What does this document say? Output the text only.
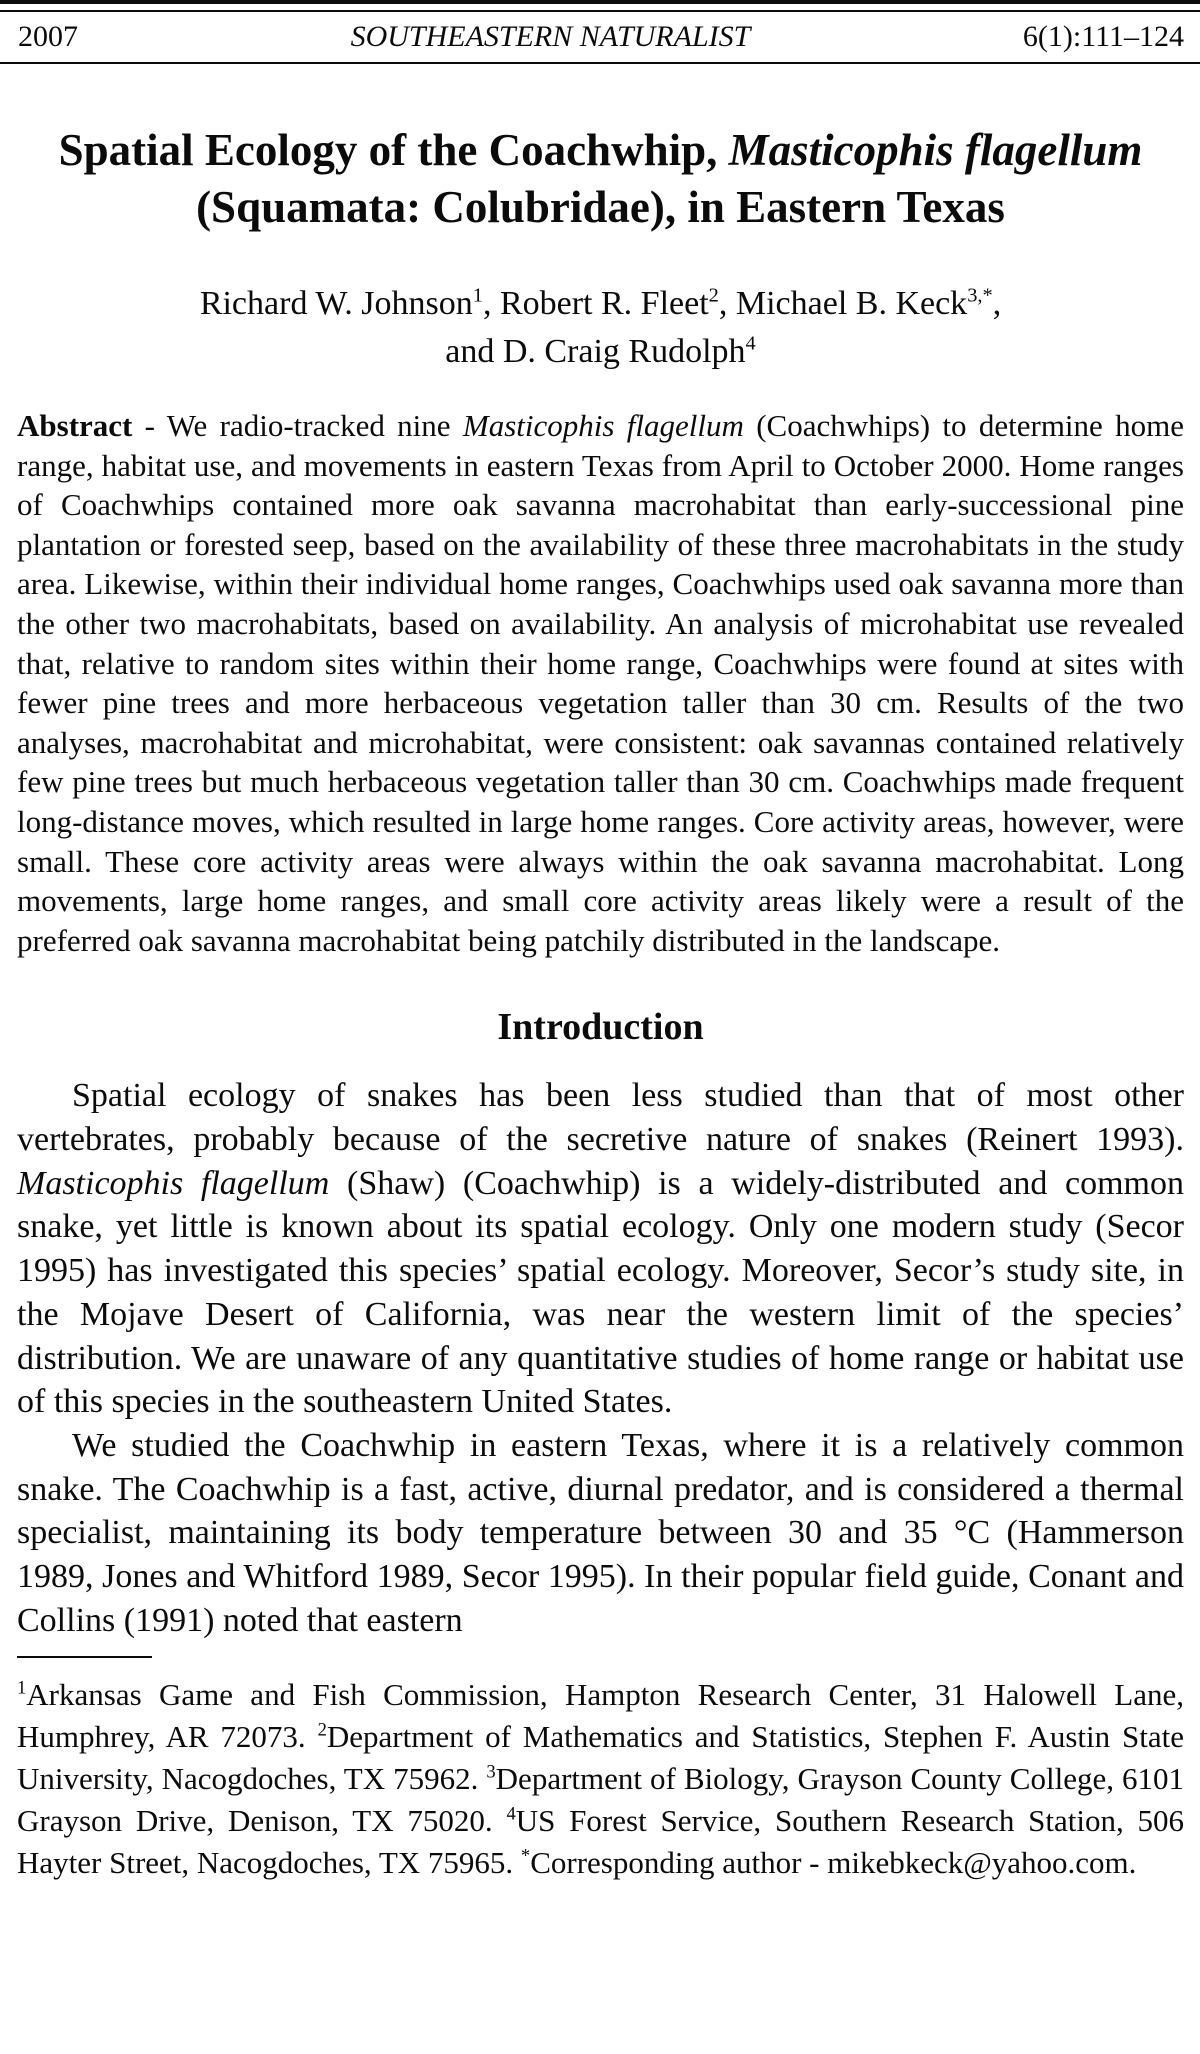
2007	SOUTHEASTERN NATURALIST	6(1):111–124
Spatial Ecology of the Coachwhip, Masticophis flagellum
(Squamata: Colubridae), in Eastern Texas
Richard W. Johnson$^1$, Robert R. Fleet$^2$, Michael B. Keck$^{3,*}$,
and D. Craig Rudolph$^4$

Abstract - We radio-tracked nine Masticophis flagellum (Coachwhips) to determine home range, habitat use, and movements in eastern Texas from April to October 2000. Home ranges of Coachwhips contained more oak savanna macrohabitat than early-successional pine plantation or forested seep, based on the availability of these three macrohabitats in the study area. Likewise, within their individual home ranges, Coachwhips used oak savanna more than the other two macrohabitats, based on availability. An analysis of microhabitat use revealed that, relative to random sites within their home range, Coachwhips were found at sites with fewer pine trees and more herbaceous vegetation taller than 30 cm. Results of the two analyses, macrohabitat and microhabitat, were consistent: oak savannas contained relatively few pine trees but much herbaceous vegetation taller than 30 cm. Coachwhips made frequent long-distance moves, which resulted in large home ranges. Core activity areas, however, were small. These core activity areas were always within the oak savanna macrohabitat. Long movements, large home ranges, and small core activity areas likely were a result of the preferred oak savanna macrohabitat being patchily distributed in the landscape.

Introduction

Spatial ecology of snakes has been less studied than that of most other vertebrates, probably because of the secretive nature of snakes (Reinert 1993). Masticophis flagellum (Shaw) (Coachwhip) is a widely-distributed and common snake, yet little is known about its spatial ecology. Only one modern study (Secor 1995) has investigated this species’ spatial ecology. Moreover, Secor’s study site, in the Mojave Desert of California, was near the western limit of the species’ distribution. We are unaware of any quantitative studies of home range or habitat use of this species in the southeastern United States.

We studied the Coachwhip in eastern Texas, where it is a relatively common snake. The Coachwhip is a fast, active, diurnal predator, and is considered a thermal specialist, maintaining its body temperature between 30 and 35 °C (Hammerson 1989, Jones and Whitford 1989, Secor 1995). In their popular field guide, Conant and Collins (1991) noted that eastern

$^1$Arkansas Game and Fish Commission, Hampton Research Center, 31 Halowell Lane, Humphrey, AR 72073. $^2$Department of Mathematics and Statistics, Stephen F. Austin State University, Nacogdoches, TX 75962. $^3$Department of Biology, Grayson County College, 6101 Grayson Drive, Denison, TX 75020. $^4$US Forest Service, Southern Research Station, 506 Hayter Street, Nacogdoches, TX 75965. *Corresponding author - mikebkeck@yahoo.com.
